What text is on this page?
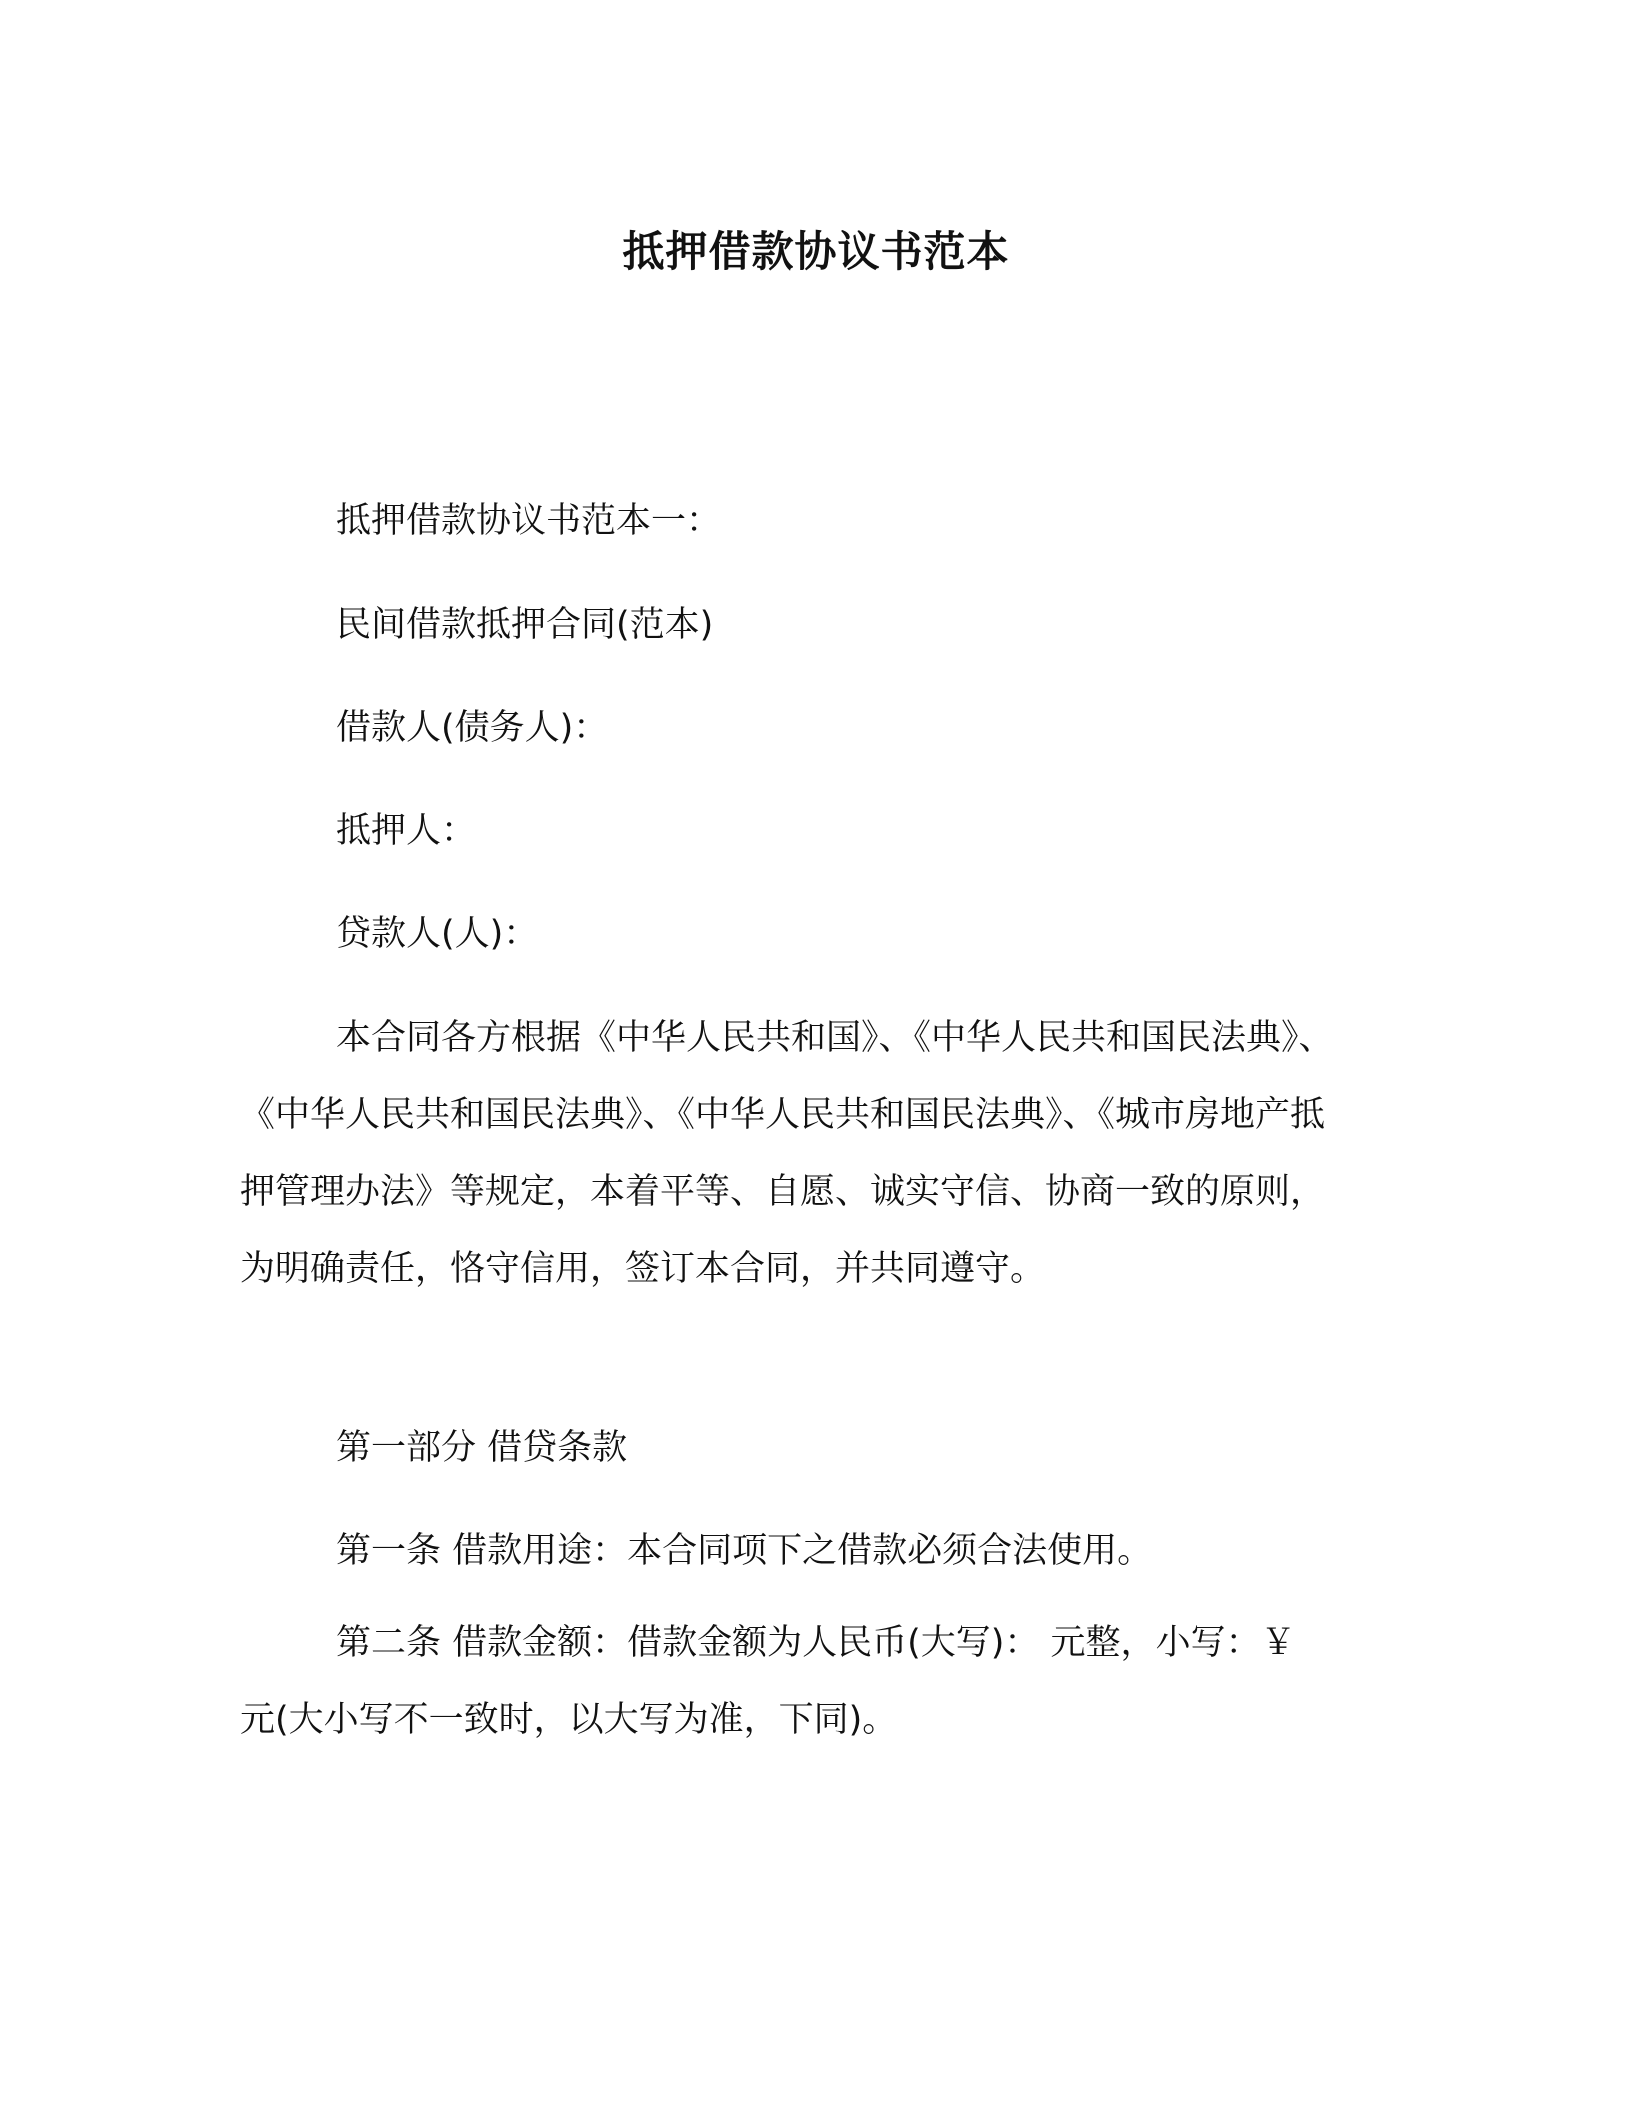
抵押借款协议书范本
抵押借款协议书范本一：
民间借款抵押合同(范本)
借款人(债务人)：
抵押人：
贷款人(人)：

本合同各方根据《中华人民共和国》、《中华人民共和国民法典》、《中华人民共和国民法典》、《中华人民共和国民法典》、《城市房地产抵押管理办法》等规定，本着平等、自愿、诚实守信、协商一致的原则，为明确责任，恪守信用，签订本合同，并共同遵守。

第一部分 借贷条款
第一条 借款用途：本合同项下之借款必须合法使用。

第二条 借款金额：借款金额为人民币(大写)： 元整，小写：￥ 元(大小写不一致时，以大写为准，下同)。
